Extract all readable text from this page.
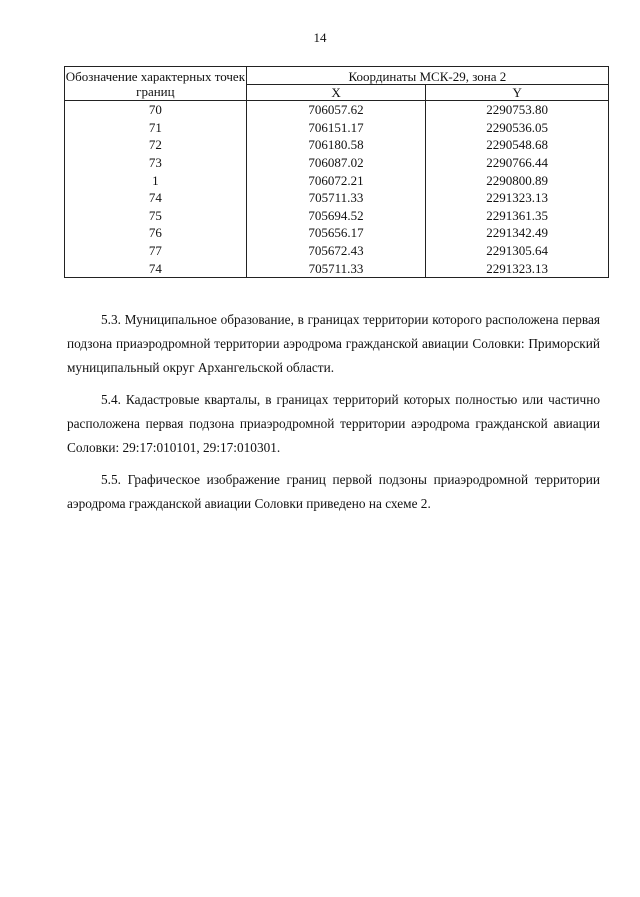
14
Обозначение характерных точек границ	Координаты МСК-29, зона 2	
	X	Y
70	706057.62	2290753.80
71	706151.17	2290536.05
72	706180.58	2290548.68
73	706087.02	2290766.44
1	706072.21	2290800.89
74	705711.33	2291323.13
75	705694.52	2291361.35
76	705656.17	2291342.49
77	705672.43	2291305.64
74	705711.33	2291323.13

5.3. Муниципальное образование, в границах территории которого расположена первая подзона приаэродромной территории аэродрома гражданской авиации Соловки: Приморский муниципальный округ Архангельской области.

5.4. Кадастровые кварталы, в границах территорий которых полностью или частично расположена первая подзона приаэродромной территории аэродрома гражданской авиации Соловки: 29:17:010101, 29:17:010301.

5.5. Графическое изображение границ первой подзоны приаэродромной территории аэродрома гражданской авиации Соловки приведено на схеме 2.
